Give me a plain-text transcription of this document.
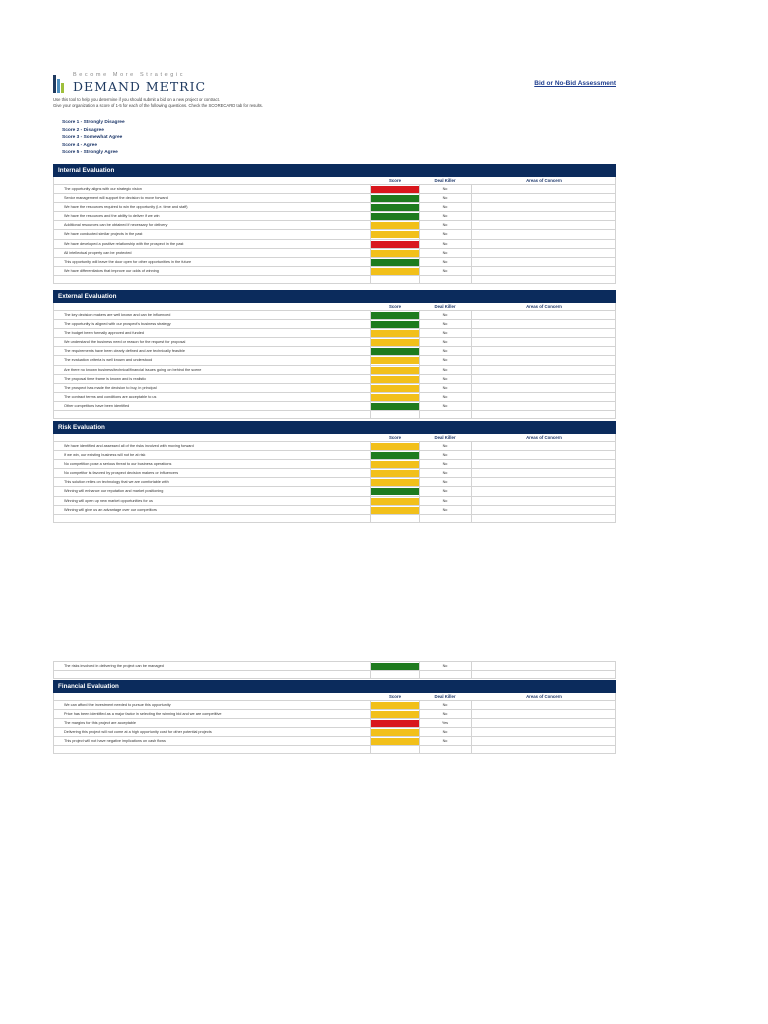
Become More Strategic
DEMAND METRIC	Bid or No-Bid Assessment
Use this tool to help you determine if you should submit a bid on a new project or contract.
Give your organization a score of 1-5 for each of the following questions. Check the SCORECARD tab for results.
Score 1 - Strongly Disagree
Score 2 - Disagree
Score 3 - Somewhat Agree
Score 4 - Agree
Score 5 - Strongly Agree
Internal Evaluation
Score	Deal Killer	Areas of Concern
The opportunity aligns with our strategic vision	No
Senior management will support the decision to move forward	No
We have the resources required to win the opportunity (i.e. time and staff)	No
We have the resources and the ability to deliver if we win	No
Additional resources can be obtained if necessary for delivery	No
We have conducted similar projects in the past	No
We have developed a positive relationship with the prospect in the past	No
All intellectual property can be protected	No
This opportunity will leave the door open for other opportunities in the future	No
We have differentiators that improve our odds of winning	No
External Evaluation
Score	Deal Killer	Areas of Concern
The key decision makers are well known and can be influenced	No
The opportunity is aligned with our prospect's business strategy	No
The budget been formally approved and funded	No
We understand the business need or reason for the request for proposal	No
The requirements have been clearly defined and are technically feasible	No
The evaluation criteria is well known and understood	No
Are there no known business/technical/financial issues going on behind the scene	No
The proposal time frame is known and is realistic	No
The prospect has made the decision to buy, in principal	No
The contract terms and conditions are acceptable to us	No
Other competitors have been identified	No
Risk Evaluation
Score	Deal Killer	Areas of Concern
We have identified and assessed all of the risks involved with moving forward	No
If we win, our existing business will not be at risk	No
No competition pose a serious threat to our business operations	No
No competitor is favored by prospect decision makers or influencers	No
This solution relies on technology that we are comfortable with	No
Winning will enhance our reputation and market positioning	No
Winning will open up new market opportunities for us	No
Winning will give us an advantage over our competitors	No
The risks involved in delivering the project can be managed	No
Financial Evaluation
Score	Deal Killer	Areas of Concern
We can afford the investment needed to pursue this opportunity	No
Price has been identified as a major factor in selecting the winning bid and we are competitive	No
The margins for this project are acceptable	Yes
Delivering this project will not come at a high opportunity cost for other potential projects	No
This project will not have negative implications on cash flows	No
